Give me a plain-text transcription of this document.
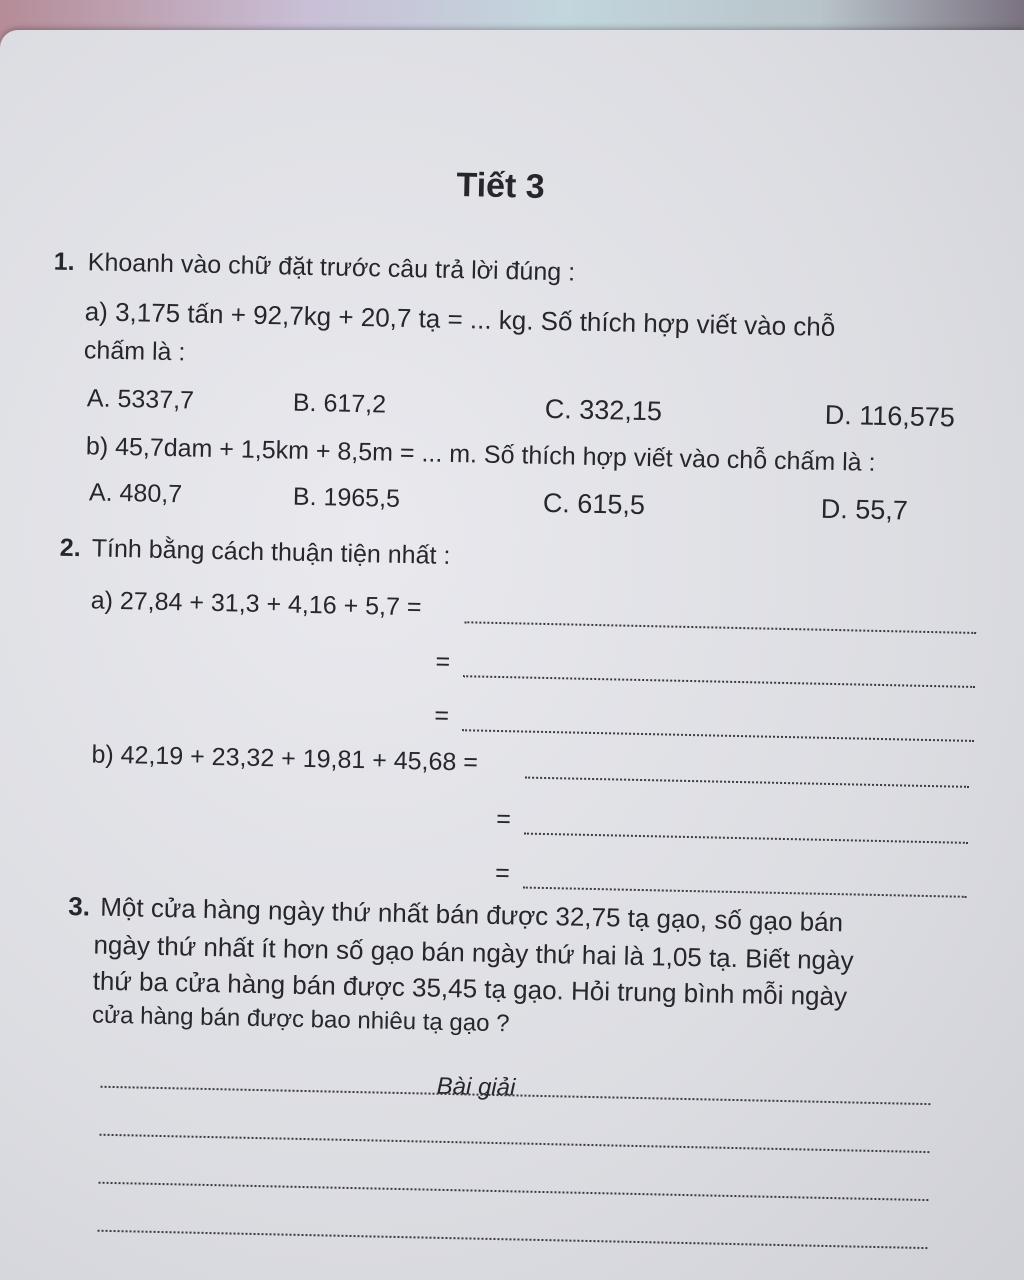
Tiết 3
1. Khoanh vào chữ đặt trước câu trả lời đúng :
a) 3,175 tấn + 92,7kg + 20,7 tạ = ... kg. Số thích hợp viết vào chỗ
chấm là :
A. 5337,7	B. 617,2	C. 332,15	D. 116,575
b) 45,7dam + 1,5km + 8,5m = ... m. Số thích hợp viết vào chỗ chấm là :
A. 480,7	B. 1965,5	C. 615,5	D. 55,7
2. Tính bằng cách thuận tiện nhất :
a) 27,84 + 31,3 + 4,16 + 5,7 =
=
=
b) 42,19 + 23,32 + 19,81 + 45,68 =
=
=
3. Một cửa hàng ngày thứ nhất bán được 32,75 tạ gạo, số gạo bán
ngày thứ nhất ít hơn số gạo bán ngày thứ hai là 1,05 tạ. Biết ngày
thứ ba cửa hàng bán được 35,45 tạ gạo. Hỏi trung bình mỗi ngày
cửa hàng bán được bao nhiêu tạ gạo ?
Bài giải
